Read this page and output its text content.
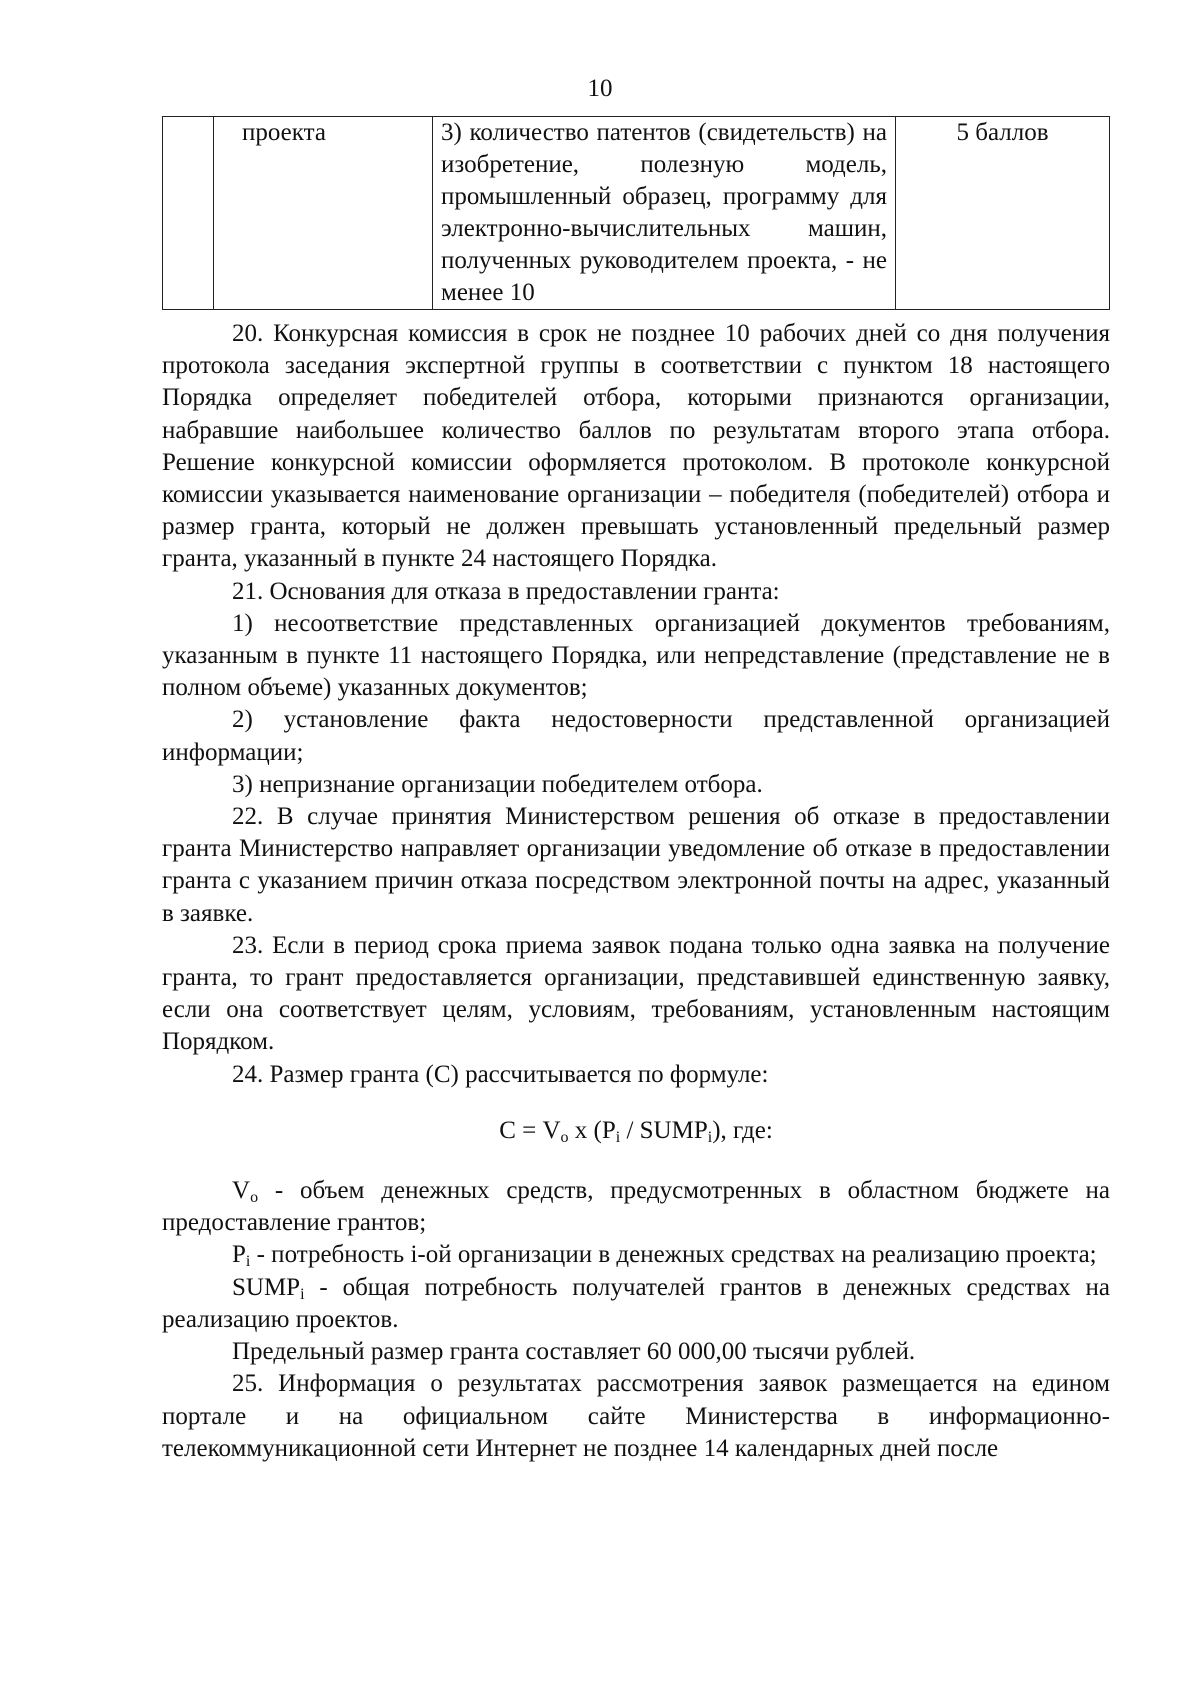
10
	проекта	3) количество патентов (свидетельств) на изобретение, полезную модель, промышленный образец, программу для электронно-вычислительных машин, полученных руководителем проекта, - не менее 10	5 баллов

20. Конкурсная комиссия в срок не позднее 10 рабочих дней со дня получения протокола заседания экспертной группы в соответствии с пунктом 18 настоящего Порядка определяет победителей отбора, которыми признаются организации, набравшие наибольшее количество баллов по результатам второго этапа отбора. Решение конкурсной комиссии оформляется протоколом. В протоколе конкурсной комиссии указывается наименование организации – победителя (победителей) отбора и размер гранта, который не должен превышать установленный предельный размер гранта, указанный в пункте 24 настоящего Порядка.

21. Основания для отказа в предоставлении гранта:

1) несоответствие представленных организацией документов требованиям, указанным в пункте 11 настоящего Порядка, или непредставление (представление не в полном объеме) указанных документов;

2) установление факта недостоверности представленной организацией информации;

3) непризнание организации победителем отбора.

22. В случае принятия Министерством решения об отказе в предоставлении гранта Министерство направляет организации уведомление об отказе в предоставлении гранта с указанием причин отказа посредством электронной почты на адрес, указанный в заявке.

23. Если в период срока приема заявок подана только одна заявка на получение гранта, то грант предоставляется организации, представившей единственную заявку, если она соответствует целям, условиям, требованиям, установленным настоящим Порядком.

24. Размер гранта (С) рассчитывается по формуле:

$С = V_o$ x ($P_i$ / $SUMP_i$), где:

$V_o$ - объем денежных средств, предусмотренных в областном бюджете на предоставление грантов;

$P_i$ - потребность i-ой организации в денежных средствах на реализацию проекта;

$SUMP_i$ - общая потребность получателей грантов в денежных средствах на реализацию проектов.

Предельный размер гранта составляет 60 000,00 тысячи рублей.

25. Информация о результатах рассмотрения заявок размещается на едином портале и на официальном сайте Министерства в информационно-телекоммуникационной сети Интернет не позднее 14 календарных дней после
